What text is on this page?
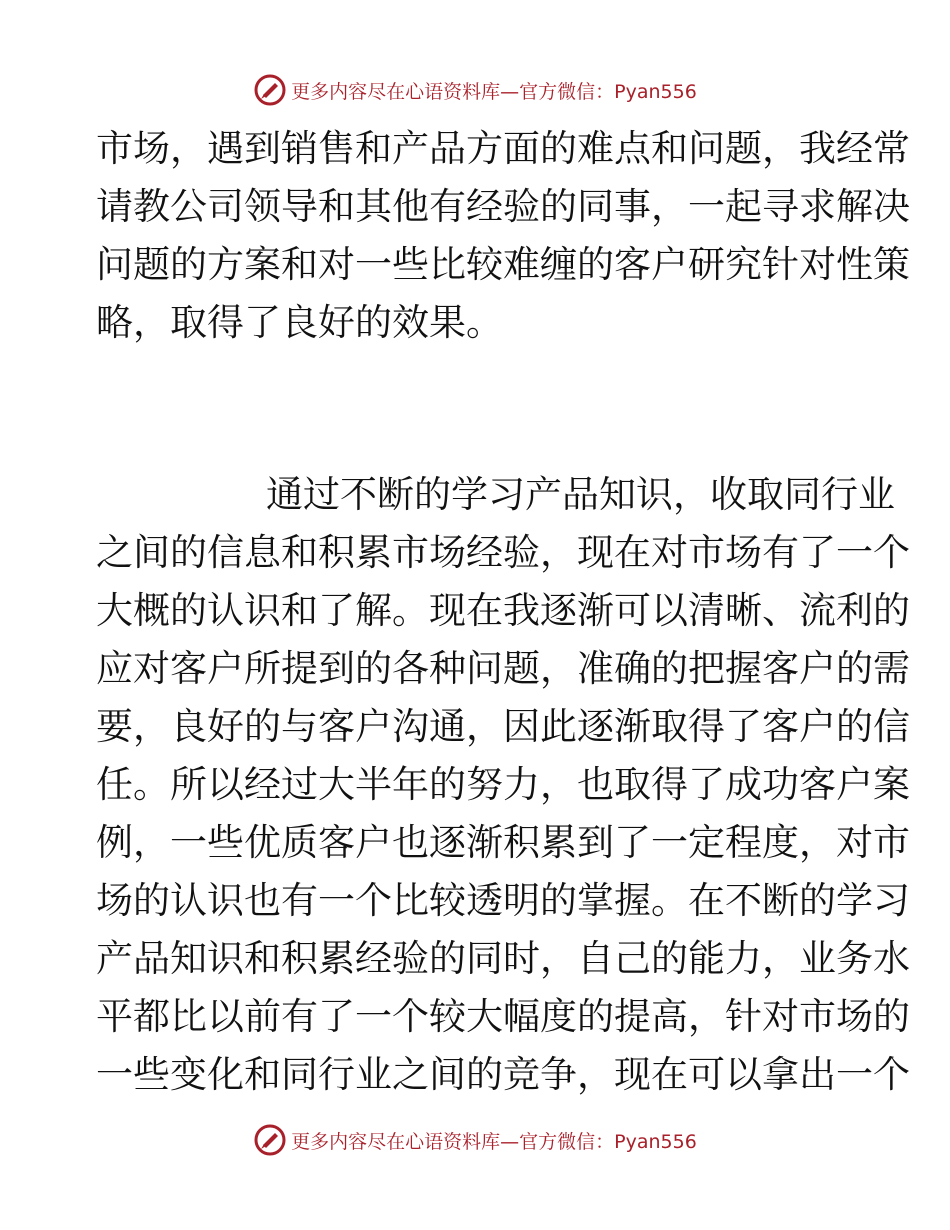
更多内容尽在心语资料库—官方微信：Pyan556
市 场 ， 遇 到 销 售 和 产 品 方 面 的 难 点 和 问 题 ， 我 经 常
请 教 公 司 领 导 和 其 他 有 经 验 的 同 事 ， 一 起 寻 求 解 决
问 题 的 方 案 和 对 一 些 比 较 难 缠 的 客 户 研 究 针 对 性 策
略 ， 取 得 了 良 好 的 效 果 。
通 过 不 断 的 学 习 产 品 知 识 ， 收 取 同 行 业
之 间 的 信 息 和 积 累 市 场 经 验 ， 现 在 对 市 场 有 了 一 个
大 概 的 认 识 和 了 解 。 现 在 我 逐 渐 可 以 清 晰 、 流 利 的
应 对 客 户 所 提 到 的 各 种 问 题 ， 准 确 的 把 握 客 户 的 需
要 ， 良 好 的 与 客 户 沟 通 ， 因 此 逐 渐 取 得 了 客 户 的 信
任 。 所 以 经 过 大 半 年 的 努 力 ， 也 取 得 了 成 功 客 户 案
例 ， 一 些 优 质 客 户 也 逐 渐 积 累 到 了 一 定 程 度 ， 对 市
场 的 认 识 也 有 一 个 比 较 透 明 的 掌 握 。 在 不 断 的 学 习
产 品 知 识 和 积 累 经 验 的 同 时 ， 自 己 的 能 力 ， 业 务 水
平 都 比 以 前 有 了 一 个 较 大 幅 度 的 提 高 ， 针 对 市 场 的
一 些 变 化 和 同 行 业 之 间 的 竞 争 ， 现 在 可 以 拿 出 一 个
更多内容尽在心语资料库—官方微信：Pyan556
